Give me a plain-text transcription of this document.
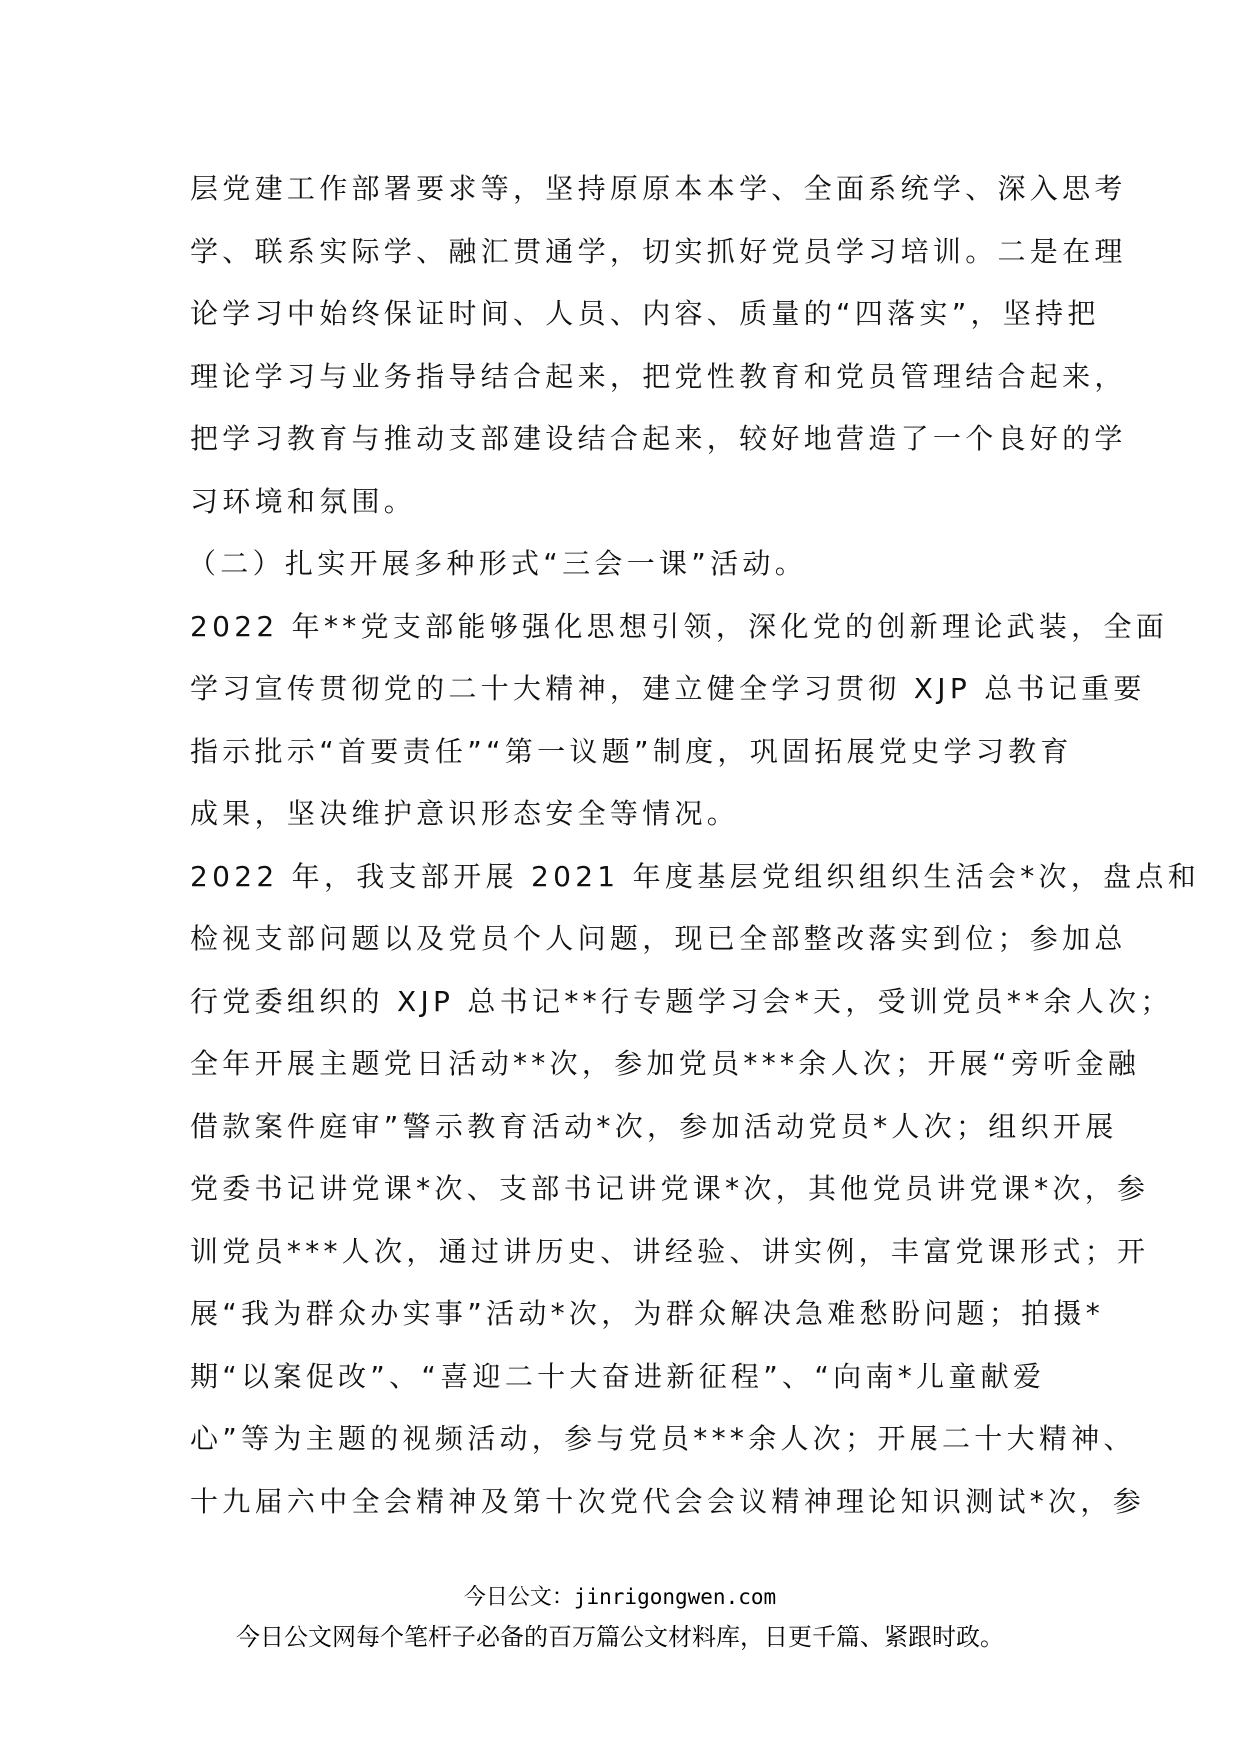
层党建工作部署要求等，坚持原原本本学、全面系统学、深入思考
学、联系实际学、融汇贯通学，切实抓好党员学习培训。二是在理
论学习中始终保证时间、人员、内容、质量的“四落实”，坚持把
理论学习与业务指导结合起来，把党性教育和党员管理结合起来，
把学习教育与推动支部建设结合起来，较好地营造了一个良好的学
习环境和氛围。
（二）扎实开展多种形式“三会一课”活动。
2022 年**党支部能够强化思想引领，深化党的创新理论武装，全面
学习宣传贯彻党的二十大精神，建立健全学习贯彻 XJP 总书记重要
指示批示“首要责任”“第一议题”制度，巩固拓展党史学习教育
成果，坚决维护意识形态安全等情况。
2022 年，我支部开展 2021 年度基层党组织组织生活会*次，盘点和
检视支部问题以及党员个人问题，现已全部整改落实到位；参加总
行党委组织的 XJP 总书记**行专题学习会*天，受训党员**余人次；
全年开展主题党日活动**次，参加党员***余人次；开展“旁听金融
借款案件庭审”警示教育活动*次，参加活动党员*人次；组织开展
党委书记讲党课*次、支部书记讲党课*次，其他党员讲党课*次，参
训党员***人次，通过讲历史、讲经验、讲实例，丰富党课形式；开
展“我为群众办实事”活动*次，为群众解决急难愁盼问题；拍摄*
期“以案促改”、“喜迎二十大奋进新征程”、“向南*儿童献爱
心”等为主题的视频活动，参与党员***余人次；开展二十大精神、
十九届六中全会精神及第十次党代会会议精神理论知识测试*次，参
今日公文：jinrigongwen.com
今日公文网每个笔杆子必备的百万篇公文材料库，日更千篇、紧跟时政。
